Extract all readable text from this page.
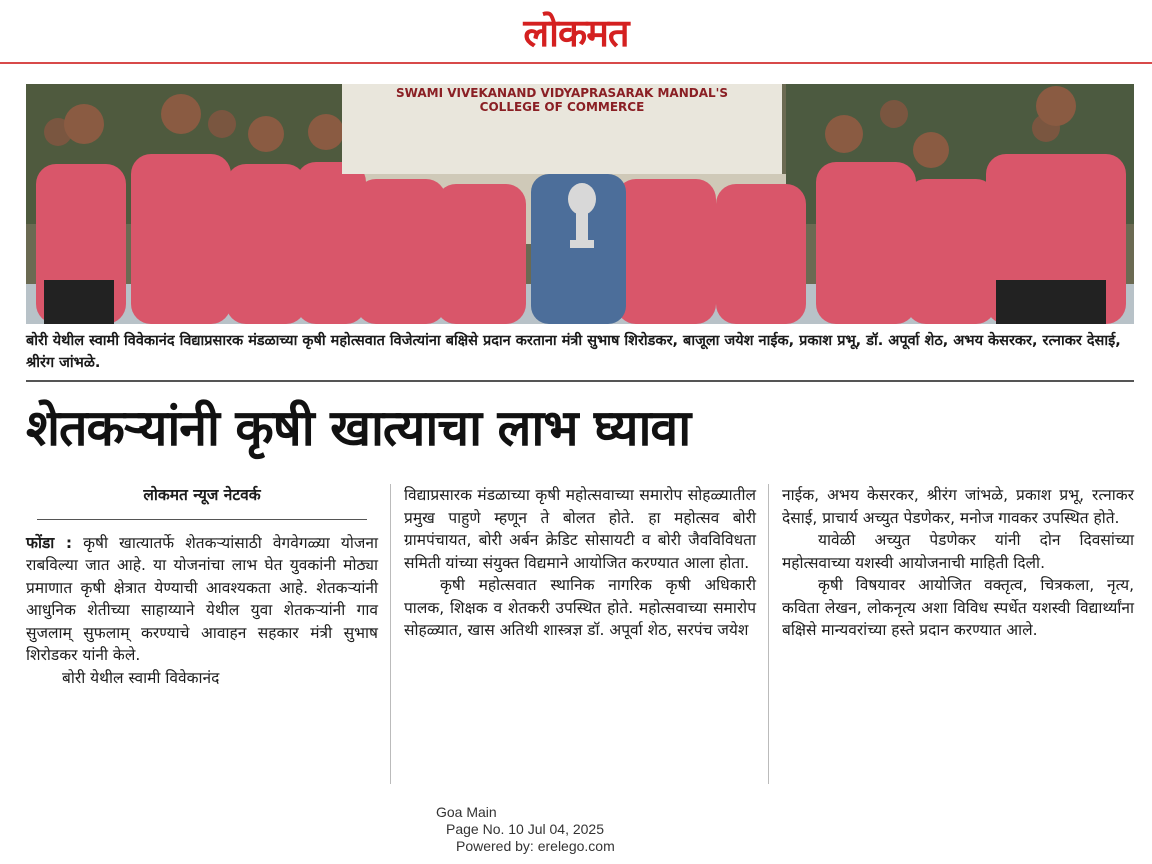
लोकमत
SWAMI VIVEKANAND VIDYAPRASARAK MANDAL'S
COLLEGE OF COMMERCE
बोरी येथील स्वामी विवेकानंद विद्याप्रसारक मंडळाच्या कृषी महोत्सवात विजेत्यांना बक्षिसे प्रदान करताना मंत्री सुभाष शिरोडकर, बाजूला जयेश नाईक, प्रकाश प्रभू, डॉ. अपूर्वा शेठ, अभय केसरकर, रत्नाकर देसाई, श्रीरंग जांभळे.
शेतकऱ्यांनी कृषी खात्याचा लाभ घ्यावा
लोकमत न्यूज नेटवर्क

फोंडा : कृषी खात्यातर्फे शेतकऱ्यांसाठी वेगवेगळ्या योजना राबविल्या जात आहे. या योजनांचा लाभ घेत युवकांनी मोठ्या प्रमाणात कृषी क्षेत्रात येण्याची आवश्यकता आहे. शेतकऱ्यांनी आधुनिक शेतीच्या साहाय्याने येथील युवा शेतकऱ्यांनी गाव सुजलाम् सुफलाम् करण्याचे आवाहन सहकार मंत्री सुभाष शिरोडकर यांनी केले.

बोरी येथील स्वामी विवेकानंद

विद्याप्रसारक मंडळाच्या कृषी महोत्सवाच्या समारोप सोहळ्यातील प्रमुख पाहुणे म्हणून ते बोलत होते. हा महोत्सव बोरी ग्रामपंचायत, बोरी अर्बन क्रेडिट सोसायटी व बोरी जैवविविधता समिती यांच्या संयुक्त विद्यमाने आयोजित करण्यात आला होता.

कृषी महोत्सवात स्थानिक नागरिक कृषी अधिकारी पालक, शिक्षक व शेतकरी उपस्थित होते. महोत्सवाच्या समारोप सोहळ्यात, खास अतिथी शास्त्रज्ञ डॉ. अपूर्वा शेठ, सरपंच जयेश

नाईक, अभय केसरकर, श्रीरंग जांभळे, प्रकाश प्रभू, रत्नाकर देसाई, प्राचार्य अच्युत पेडणेकर, मनोज गावकर उपस्थित होते.

यावेळी अच्युत पेडणेकर यांनी दोन दिवसांच्या महोत्सवाच्या यशस्वी आयोजनाची माहिती दिली.

कृषी विषयावर आयोजित वक्तृत्व, चित्रकला, नृत्य, कविता लेखन, लोकनृत्य अशा विविध स्पर्धेत यशस्वी विद्यार्थ्यांना बक्षिसे मान्यवरांच्या हस्ते प्रदान करण्यात आले.

Goa Main
Page No. 10 Jul 04, 2025
Powered by: erelego.com
